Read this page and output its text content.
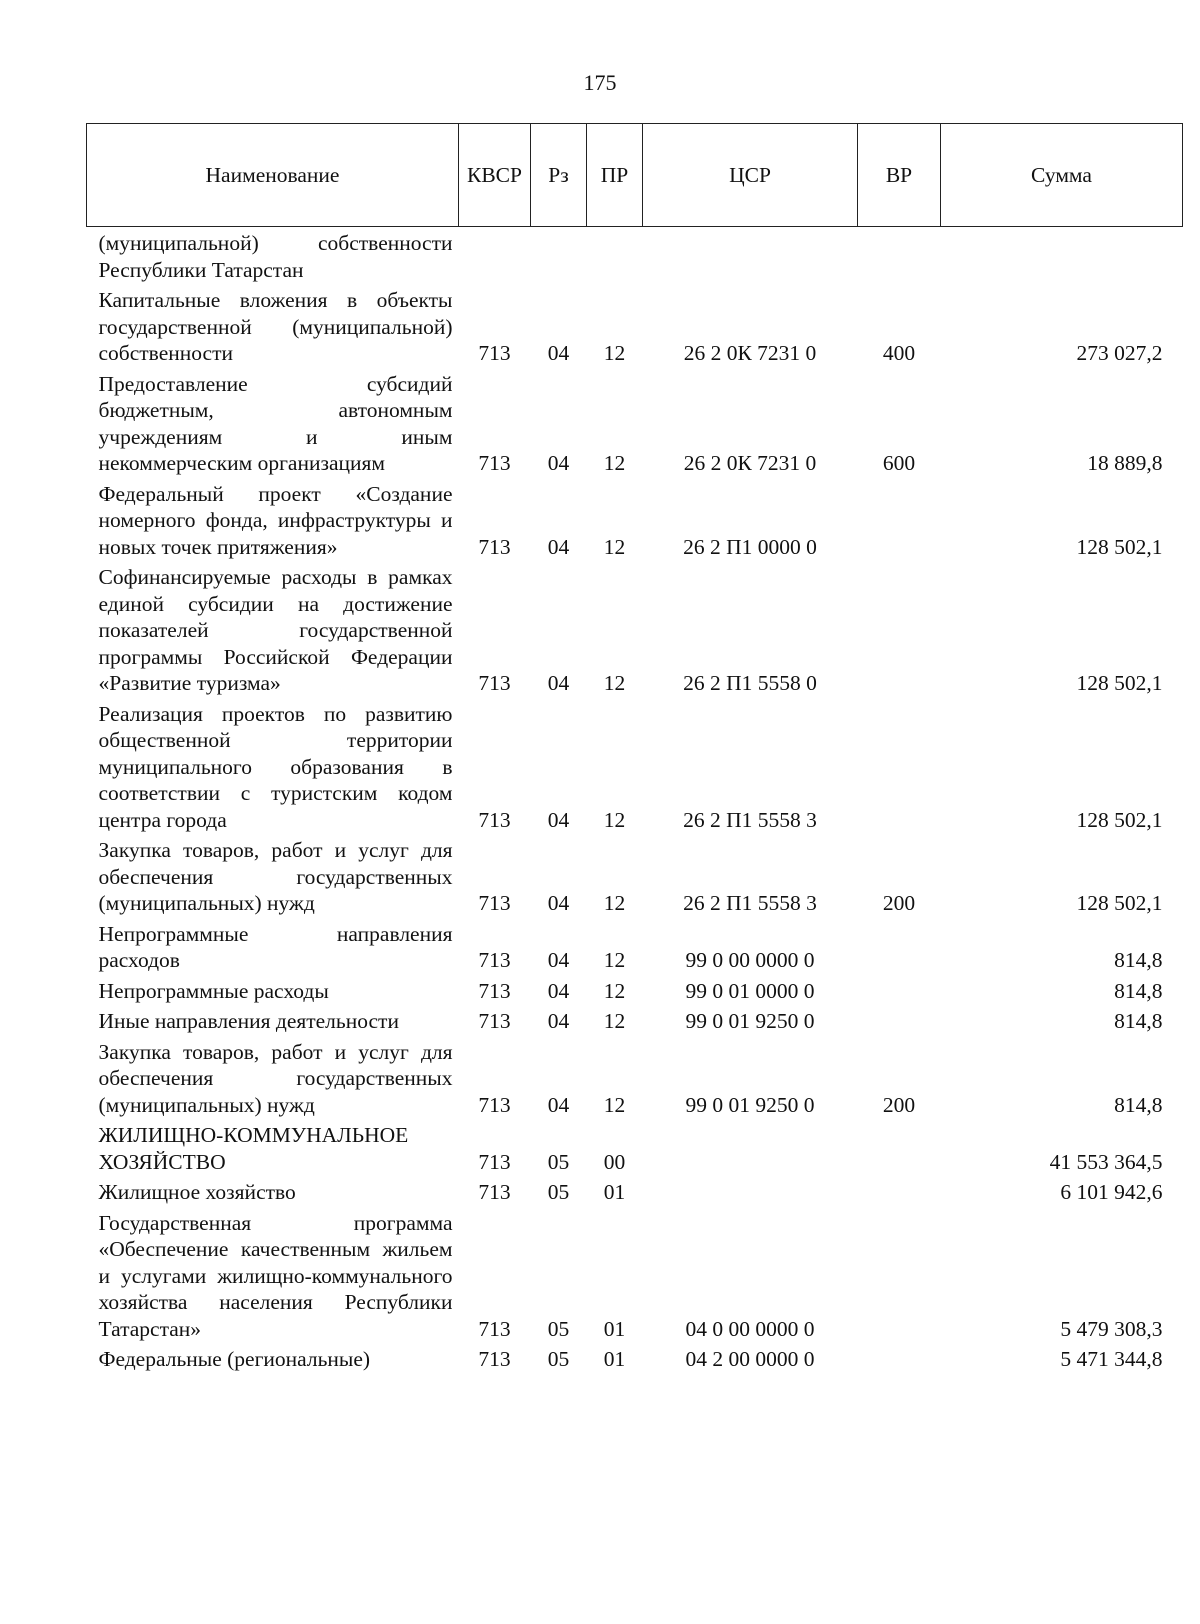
175
Наименование	КВСР	Рз	ПР	ЦСР	ВР	Сумма
(муниципальной) собственности Республики Татарстан						
Капитальные вложения в объекты государственной (муниципальной) собственности	713	04	12	26 2 0К 7231 0	400	273 027,2
Предоставление субсидий бюджетным, автономным учреждениям и иным некоммерческим организациям	713	04	12	26 2 0К 7231 0	600	18 889,8
Федеральный проект «Создание номерного фонда, инфраструктуры и новых точек притяжения»	713	04	12	26 2 П1 0000 0		128 502,1
Софинансируемые расходы в рамках единой субсидии на достижение показателей государственной программы Российской Федерации «Развитие туризма»	713	04	12	26 2 П1 5558 0		128 502,1
Реализация проектов по развитию общественной территории муниципального образования в соответствии с туристским кодом центра города	713	04	12	26 2 П1 5558 3		128 502,1
Закупка товаров, работ и услуг для обеспечения государственных (муниципальных) нужд	713	04	12	26 2 П1 5558 3	200	128 502,1
Непрограммные направления расходов	713	04	12	99 0 00 0000 0		814,8
Непрограммные расходы	713	04	12	99 0 01 0000 0		814,8
Иные направления деятельности	713	04	12	99 0 01 9250 0		814,8
Закупка товаров, работ и услуг для обеспечения государственных (муниципальных) нужд	713	04	12	99 0 01 9250 0	200	814,8
ЖИЛИЩНО-КОММУНАЛЬНОЕ ХОЗЯЙСТВО	713	05	00			41 553 364,5
Жилищное хозяйство	713	05	01			6 101 942,6
Государственная программа «Обеспечение качественным жильем и услугами жилищно-коммунального хозяйства населения Республики Татарстан»	713	05	01	04 0 00 0000 0		5 479 308,3
Федеральные (региональные)	713	05	01	04 2 00 0000 0		5 471 344,8
